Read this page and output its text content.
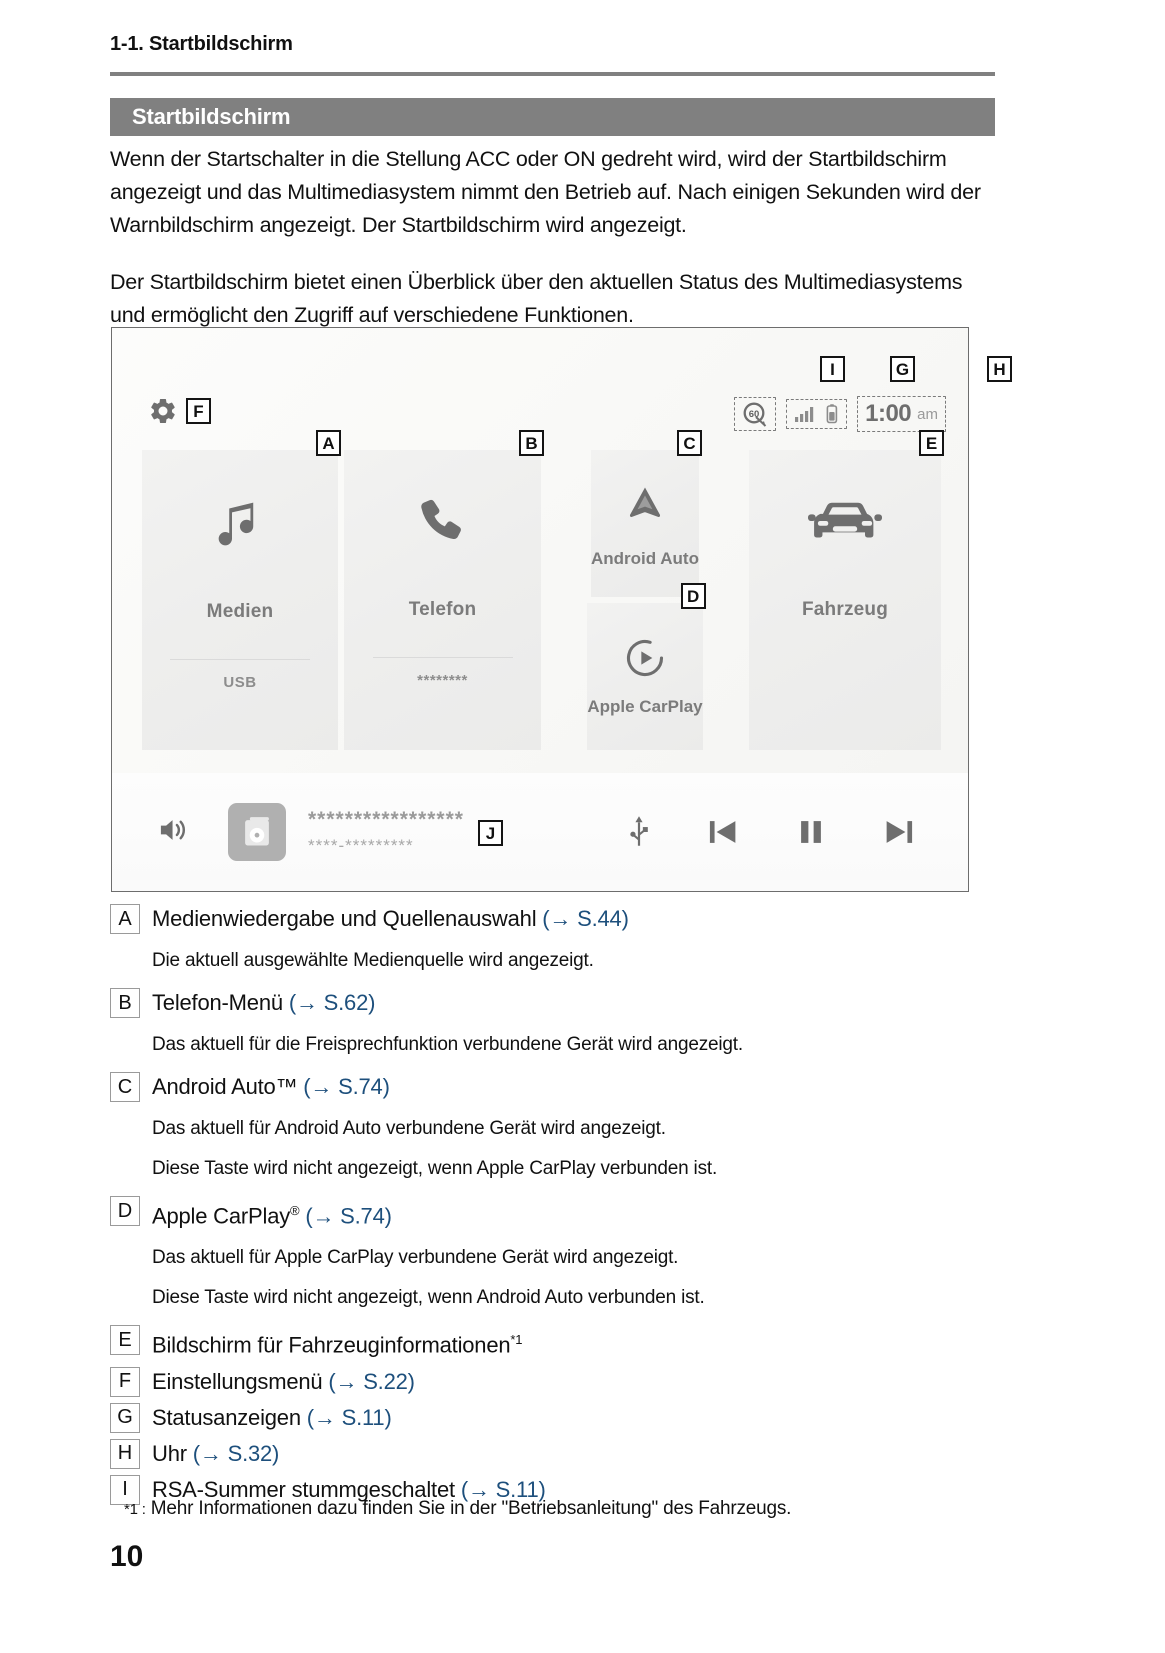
1-1. Startbildschirm
Startbildschirm
Wenn der Startschalter in die Stellung ACC oder ON gedreht wird, wird der Startbildschirm angezeigt und das Multimediasystem nimmt den Betrieb auf. Nach einigen Sekunden wird der Warnbildschirm angezeigt. Der Startbildschirm wird angezeigt.
Der Startbildschirm bietet einen Überblick über den aktuellen Status des Multimediasystems und ermöglicht den Zugriff auf verschiedene Funktionen.
F
I	G	H
60	1:00 am
A
Medien
USB
B
Telefon
********
C
Android Auto
D
Apple CarPlay
E
Fahrzeug
*****************
****-*********
J
A Medienwiedergabe und Quellenauswahl (→ S.44)
Die aktuell ausgewählte Medienquelle wird angezeigt.
B Telefon-Menü (→ S.62)
Das aktuell für die Freisprechfunktion verbundene Gerät wird angezeigt.
C Android Auto™ (→ S.74)
Das aktuell für Android Auto verbundene Gerät wird angezeigt.
Diese Taste wird nicht angezeigt, wenn Apple CarPlay verbunden ist.
D Apple CarPlay® (→ S.74)
Das aktuell für Apple CarPlay verbundene Gerät wird angezeigt.
Diese Taste wird nicht angezeigt, wenn Android Auto verbunden ist.
E Bildschirm für Fahrzeuginformationen$^{*1}$
F Einstellungsmenü (→ S.22)
G Statusanzeigen (→ S.11)
H Uhr (→ S.32)
I	RSA-Summer stummgeschaltet (→ S.11)
*1 : Mehr Informationen dazu finden Sie in der "Betriebsanleitung" des Fahrzeugs.
10
